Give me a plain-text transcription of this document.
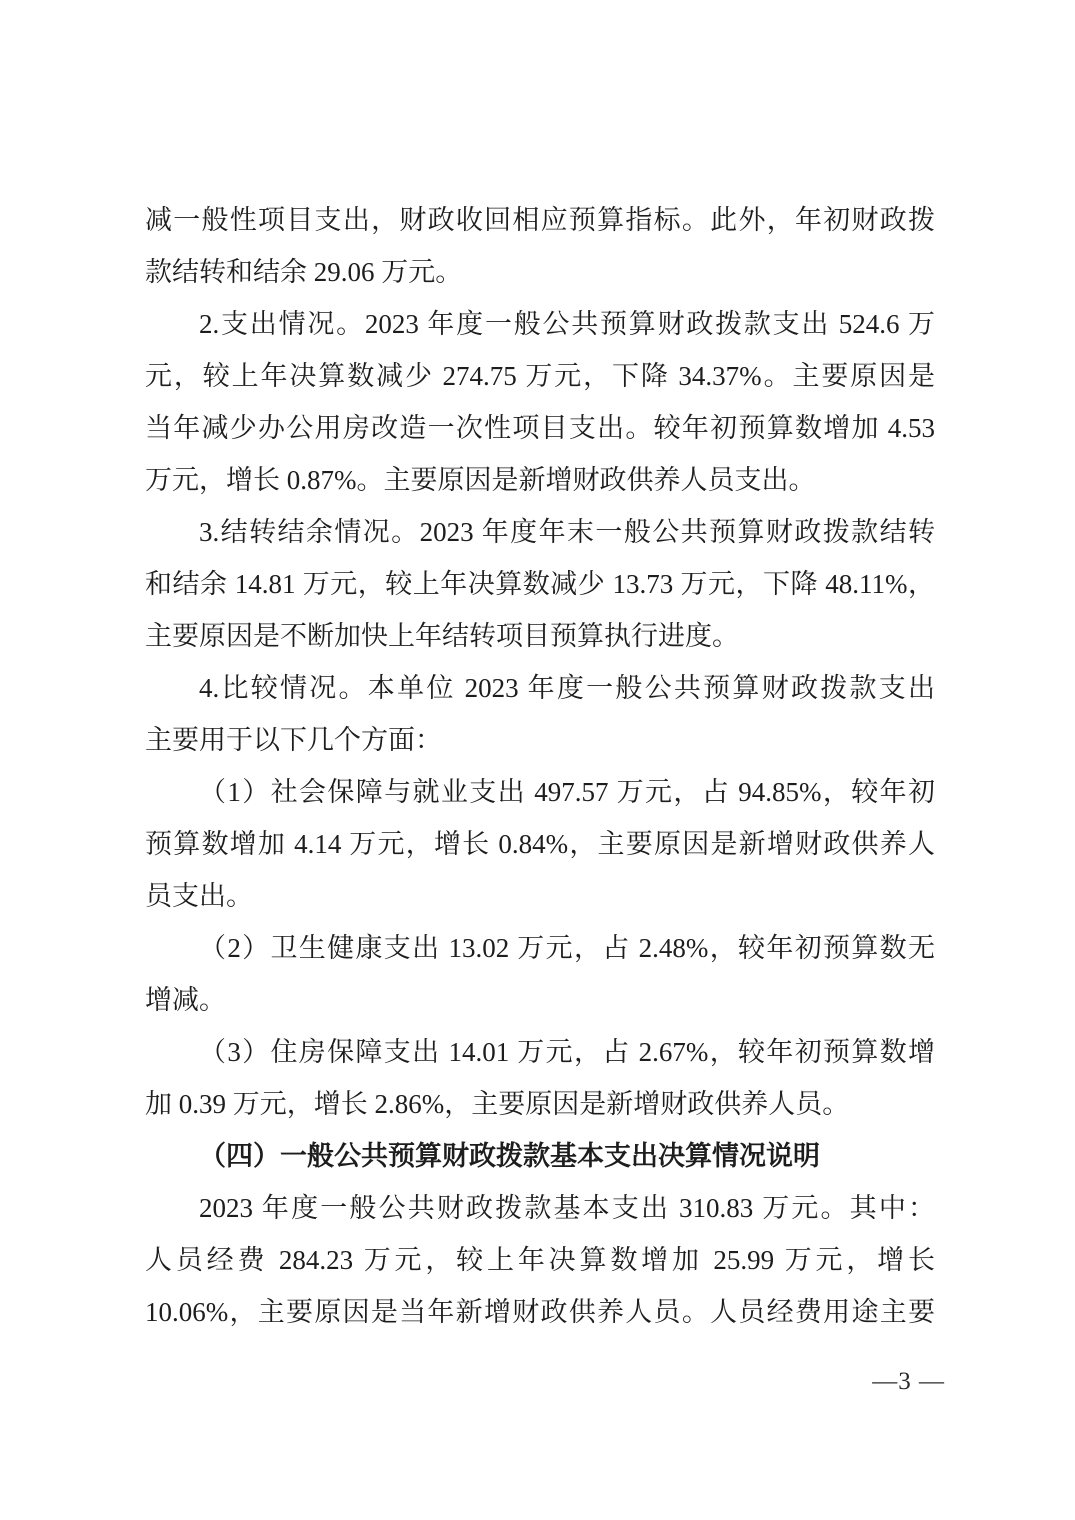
减一般性项目支出，财政收回相应预算指标。此外，年初财政拨
款结转和结余 29.06 万元。
2.支出情况。2023 年度一般公共预算财政拨款支出 524.6 万
元，较上年决算数减少 274.75 万元，下降 34.37%。主要原因是
当年减少办公用房改造一次性项目支出。较年初预算数增加 4.53
万元，增长 0.87%。主要原因是新增财政供养人员支出。
3.结转结余情况。2023 年度年末一般公共预算财政拨款结转
和结余 14.81 万元，较上年决算数减少 13.73 万元，下降 48.11%，
主要原因是不断加快上年结转项目预算执行进度。
4.比较情况。本单位 2023 年度一般公共预算财政拨款支出
主要用于以下几个方面：
（1）社会保障与就业支出 497.57 万元，占 94.85%，较年初
预算数增加 4.14 万元，增长 0.84%，主要原因是新增财政供养人
员支出。
（2）卫生健康支出 13.02 万元，占 2.48%，较年初预算数无
增减。
（3）住房保障支出 14.01 万元，占 2.67%，较年初预算数增
加 0.39 万元，增长 2.86%，主要原因是新增财政供养人员。
（四）一般公共预算财政拨款基本支出决算情况说明
2023 年度一般公共财政拨款基本支出 310.83 万元。其中：
人员经费 284.23 万元，较上年决算数增加 25.99 万元，增长
10.06%，主要原因是当年新增财政供养人员。人员经费用途主要
—3 —
